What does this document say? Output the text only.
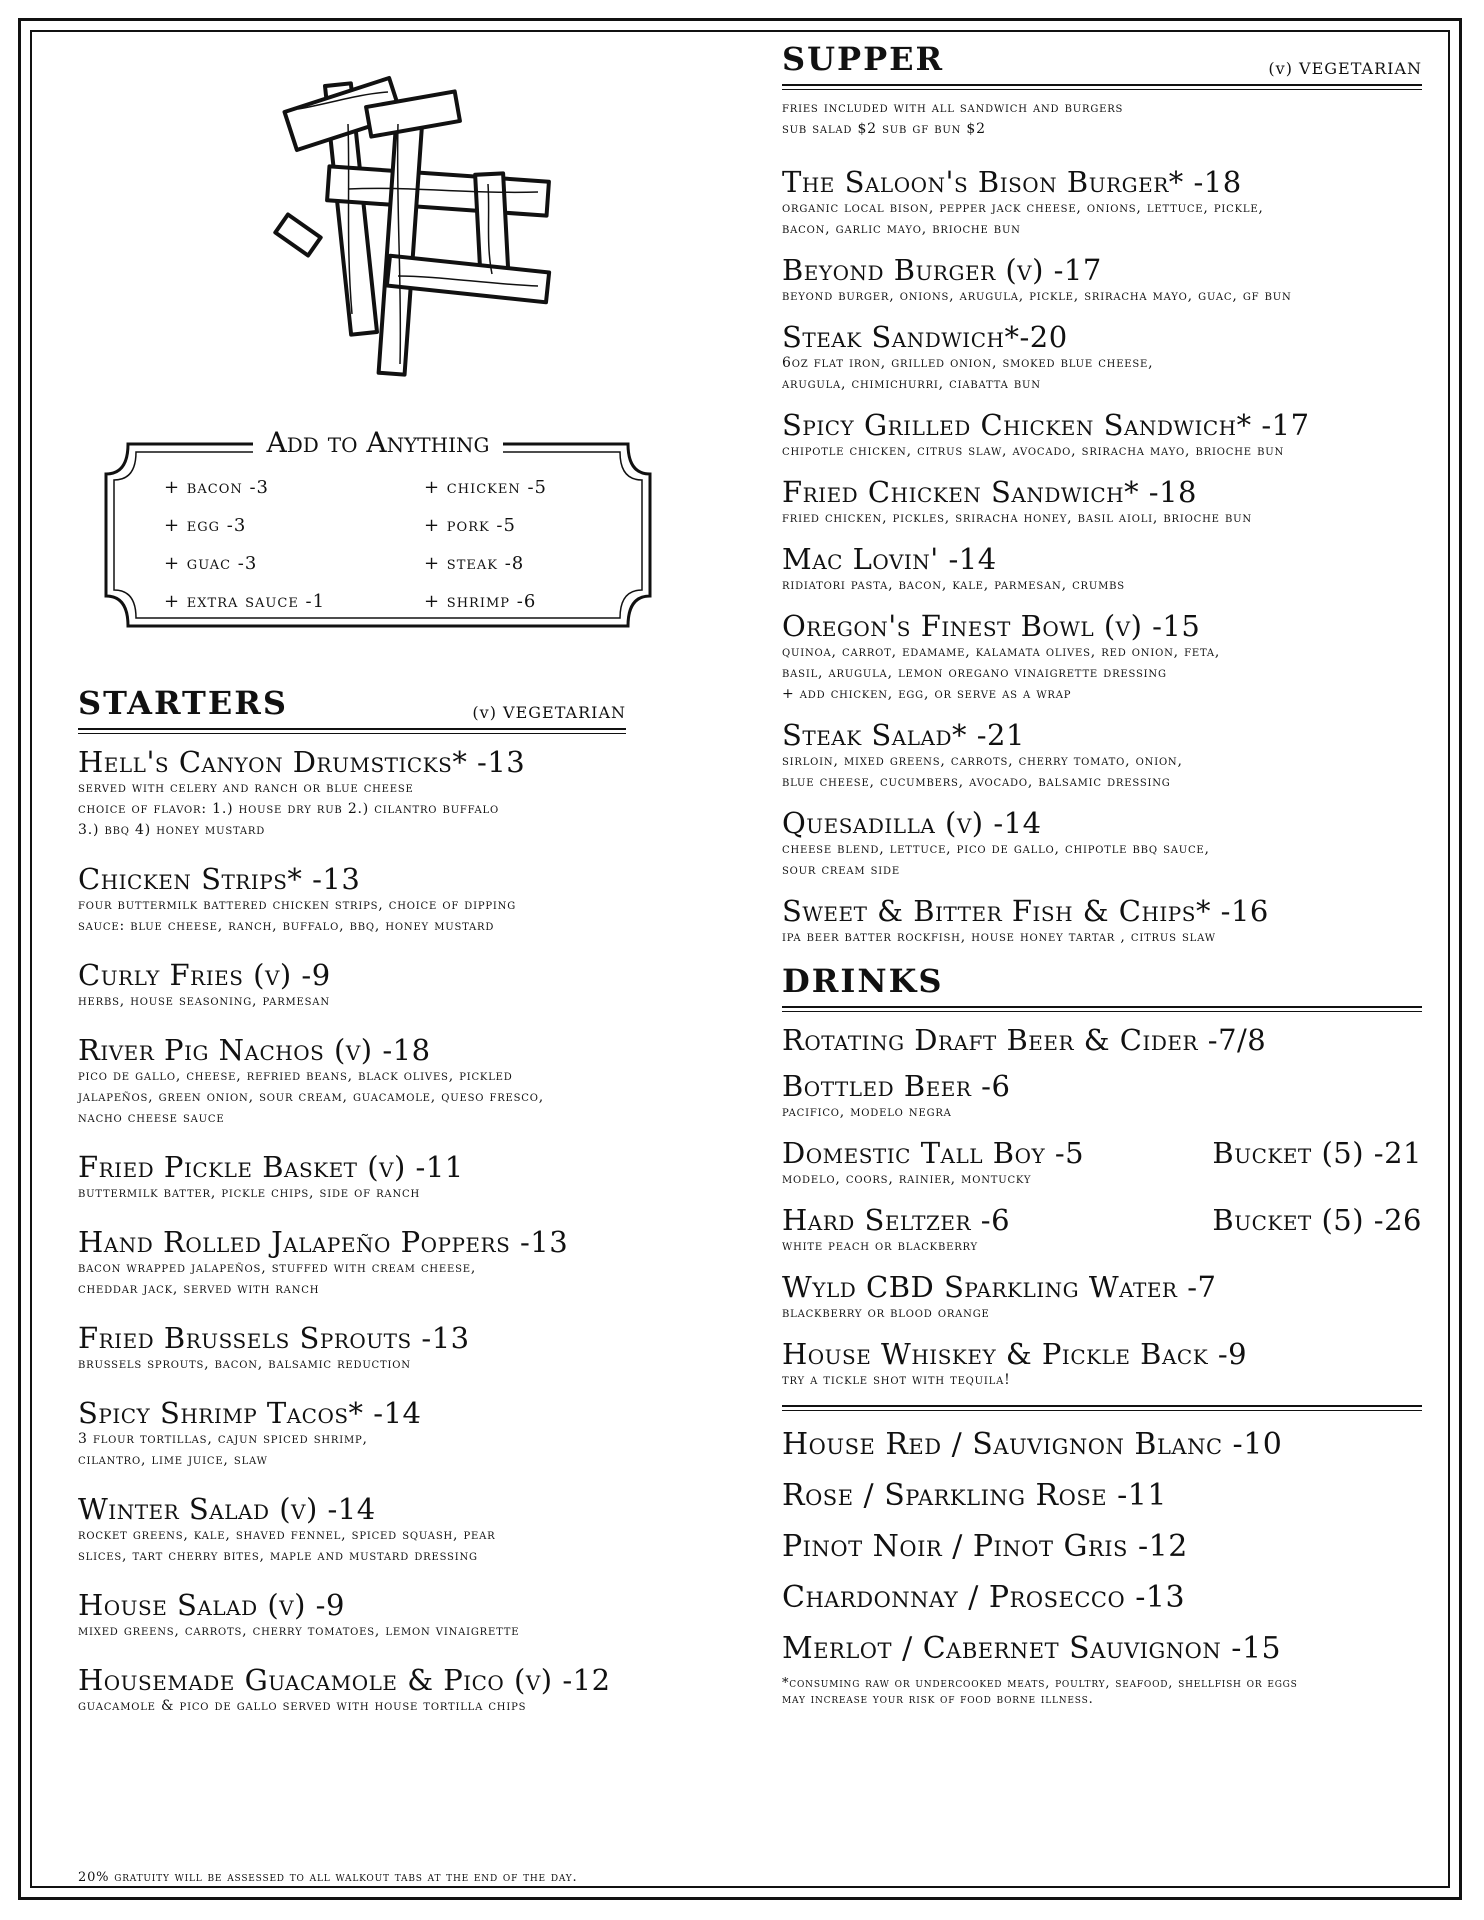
STARTERS	(v) VEGETARIAN
Hell's Canyon Drumsticks* -13
served with celery and ranch or blue cheese
choice of flavor: 1.) house dry rub 2.) cilantro buffalo
3.) bbq 4) honey mustard
Chicken Strips* -13
four buttermilk battered chicken strips, choice of dipping
sauce: blue cheese, ranch, buffalo, bbq, honey mustard
Curly Fries (v) -9
herbs, house seasoning, parmesan
River Pig Nachos (v) -18
pico de gallo, cheese, refried beans, black olives, pickled
jalapeños, green onion, sour cream, guacamole, queso fresco,
nacho cheese sauce
Fried Pickle Basket (v) -11
buttermilk batter, pickle chips, side of ranch
Hand Rolled Jalapeño Poppers -13
bacon wrapped jalapeños, stuffed with cream cheese,
cheddar jack, served with ranch
Fried Brussels Sprouts -13
brussels sprouts, bacon, balsamic reduction
Spicy Shrimp Tacos* -14
3 flour tortillas, cajun spiced shrimp,
cilantro, lime juice, slaw
Winter Salad (v) -14
rocket greens, kale, shaved fennel, spiced squash, pear
slices, tart cherry bites, maple and mustard dressing
House Salad (v) -9
mixed greens, carrots, cherry tomatoes, lemon vinaigrette
Housemade Guacamole & Pico (v) -12
guacamole & pico de gallo served with house tortilla chips
20% gratuity will be assessed to all walkout tabs at the end of the day.
Add to Anything
+ bacon -3	+ chicken -5
+ egg -3	+ pork -5
+ guac -3	+ steak -8
+ extra sauce -1	+ shrimp -6
SUPPER	(v) VEGETARIAN
fries included with all sandwich and burgers
sub salad $2 sub gf bun $2
The Saloon's Bison Burger* -18
organic local bison, pepper jack cheese, onions, lettuce, pickle,
bacon, garlic mayo, brioche bun
Beyond Burger (v) -17
beyond burger, onions, arugula, pickle, sriracha mayo, guac, gf bun
Steak Sandwich*-20
6oz flat iron, grilled onion, smoked blue cheese,
arugula, chimichurri, ciabatta bun
Spicy Grilled Chicken Sandwich* -17
chipotle chicken, citrus slaw, avocado, sriracha mayo, brioche bun
Fried Chicken Sandwich* -18
fried chicken, pickles, sriracha honey, basil aioli, brioche bun
Mac Lovin' -14
ridiatori pasta, bacon, kale, parmesan, crumbs
Oregon's Finest Bowl (v) -15
quinoa, carrot, edamame, kalamata olives, red onion, feta,
basil, arugula, lemon oregano vinaigrette dressing
+ add chicken, egg, or serve as a wrap
Steak Salad* -21
sirloin, mixed greens, carrots, cherry tomato, onion,
blue cheese, cucumbers, avocado, balsamic dressing
Quesadilla (v) -14
cheese blend, lettuce, pico de gallo, chipotle bbq sauce,
sour cream side
Sweet & Bitter Fish & Chips* -16
ipa beer batter rockfish, house honey tartar , citrus slaw
DRINKS
Rotating Draft Beer & Cider -7/8
Bottled Beer -6
pacifico, modelo negra
Domestic Tall Boy -5	Bucket (5) -21
modelo, coors, rainier, montucky
Hard Seltzer -6	Bucket (5) -26
white peach or blackberry
Wyld CBD Sparkling Water -7
blackberry or blood orange
House Whiskey & Pickle Back -9
try a tickle shot with tequila!
House Red / Sauvignon Blanc -10
Rose / Sparkling Rose -11
Pinot Noir / Pinot Gris -12
Chardonnay / Prosecco -13
Merlot / Cabernet Sauvignon -15
*consuming raw or undercooked meats, poultry, seafood, shellfish or eggs
may increase your risk of food borne illness.
